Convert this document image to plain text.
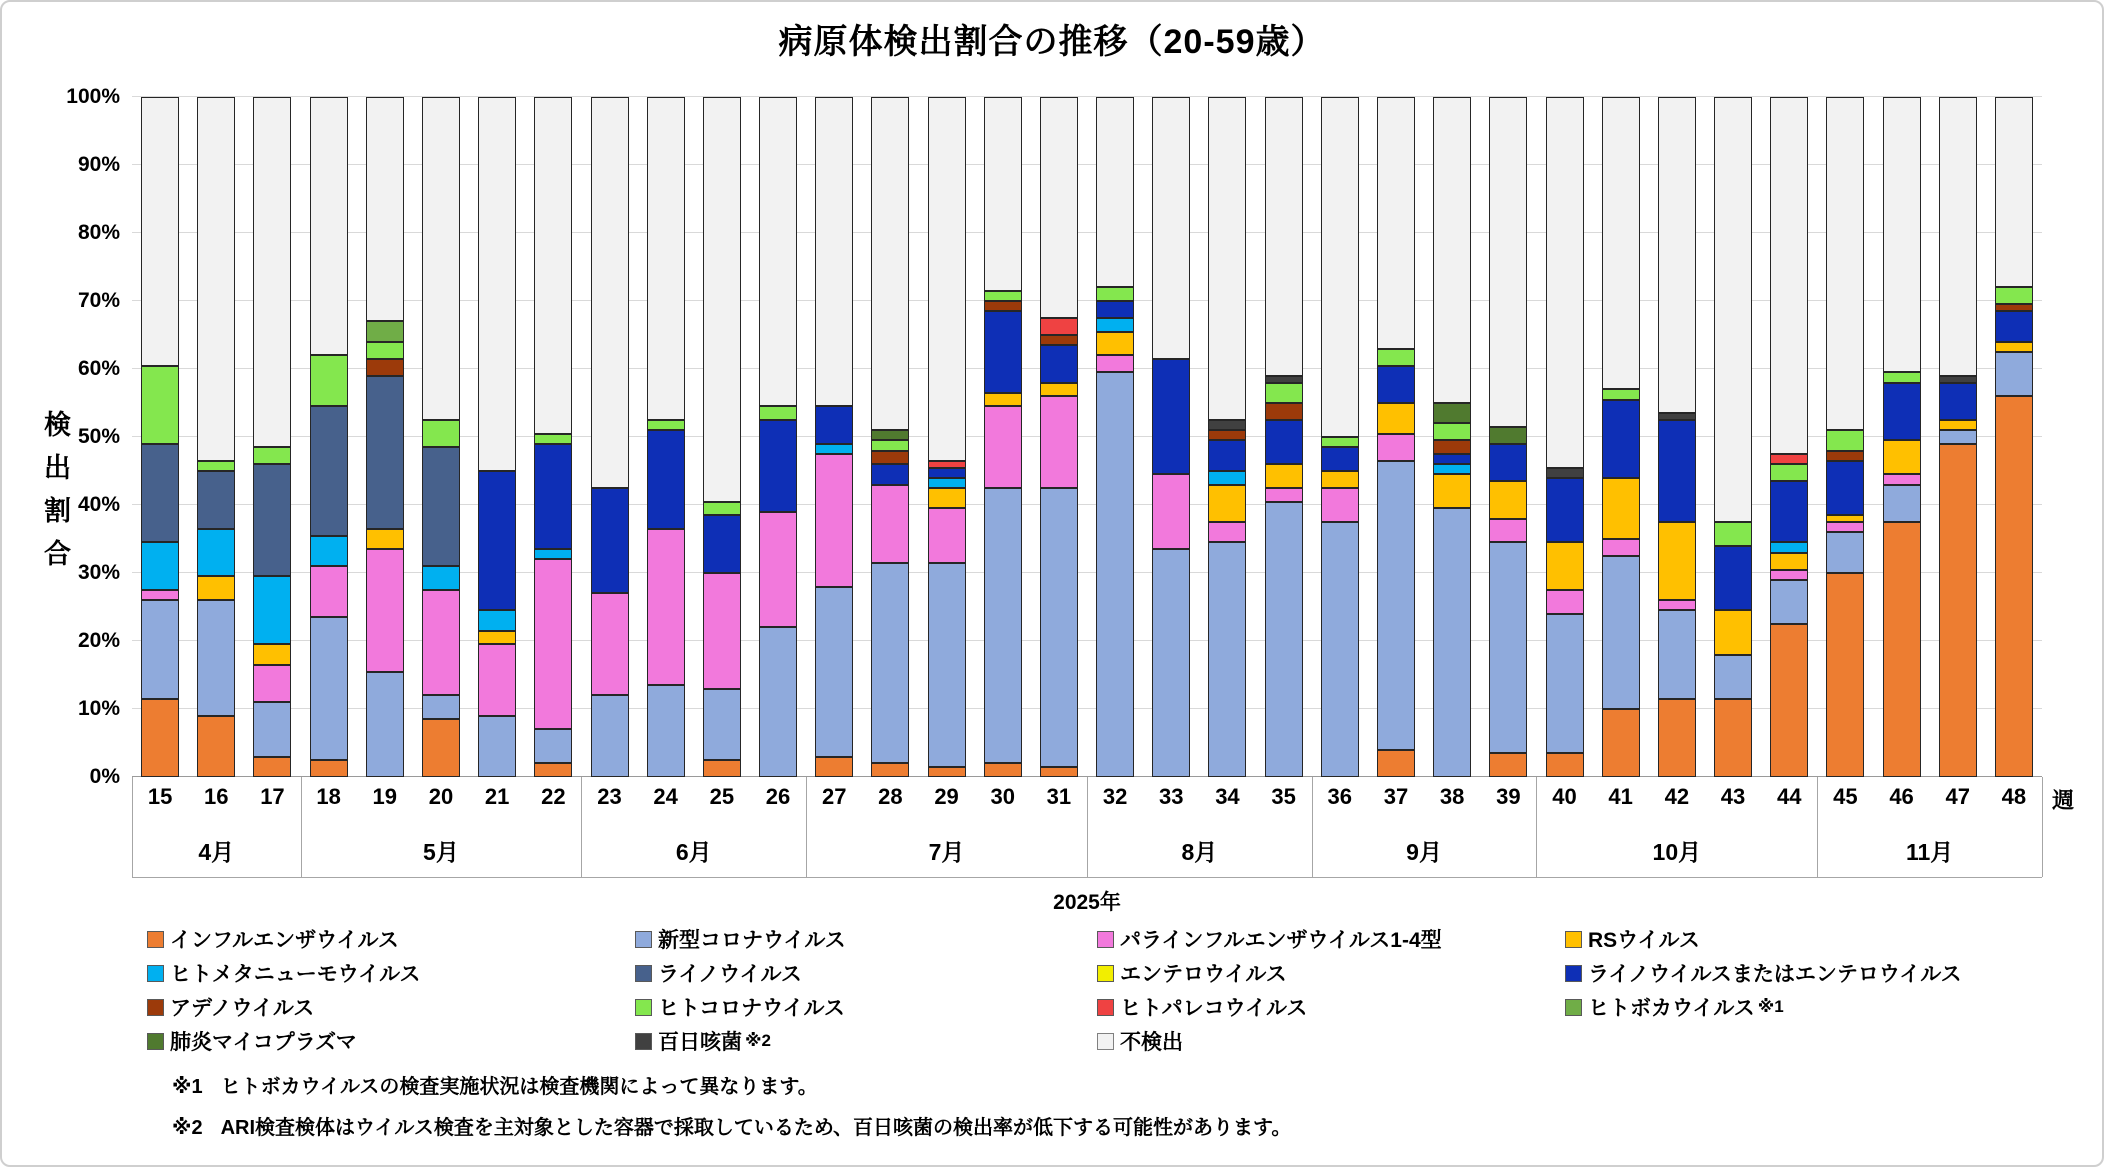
病原体検出割合の推移（20-59歳）
検出割合
0%
10%
20%
30%
40%
50%
60%
70%
80%
90%
100%
15	16	17	18	19	20	21	22	23	24	25	26	27	28	29	30	31	32	33	34	35	36	37	38	39	40	41	42	43	44	45	46	47	48
4月	5月	6月	7月	8月	9月	10月	11月
週
2025年
インフルエンザウイルス	新型コロナウイルス	パラインフルエンザウイルス1-4型	RSウイルス
ヒトメタニューモウイルス	ライノウイルス	エンテロウイルス	ライノウイルスまたはエンテロウイルス
アデノウイルス	ヒトコロナウイルス	ヒトパレコウイルス	ヒトボカウイルス ※1
肺炎マイコプラズマ	百日咳菌 ※2	不検出
※1 ヒトボカウイルスの検査実施状況は検査機関によって異なります。
※2 ARI検査検体はウイルス検査を主対象とした容器で採取しているため、百日咳菌の検出率が低下する可能性があります。
